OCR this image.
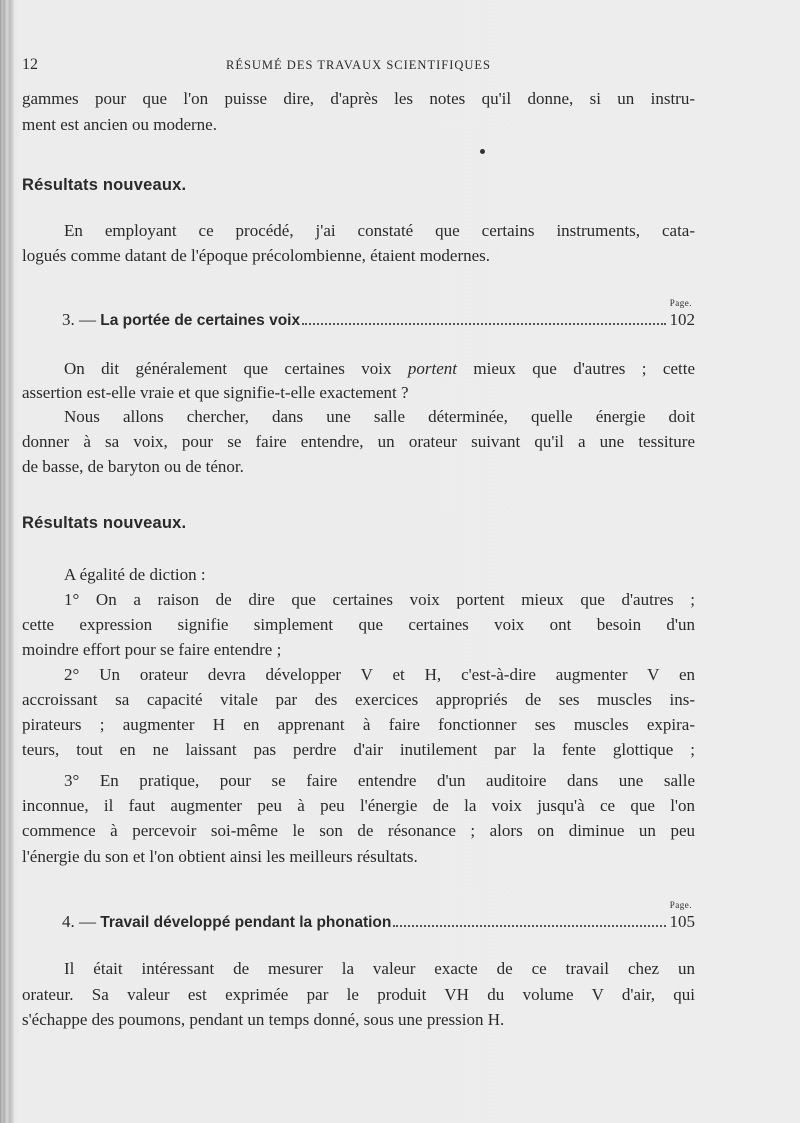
12	RÉSUMÉ DES TRAVAUX SCIENTIFIQUES
gammes pour que l'on puisse dire, d'après les notes qu'il donne, si un instru-
ment est ancien ou moderne.
Résultats nouveaux.
En employant ce procédé, j'ai constaté que certains instruments, cata-
logués comme datant de l'époque précolombienne, étaient modernes.
Page.
3. — La portée de certaines voix	102
On dit généralement que certaines voix portent mieux que d'autres ; cette
assertion est-elle vraie et que signifie-t-elle exactement ?
Nous allons chercher, dans une salle déterminée, quelle énergie doit
donner à sa voix, pour se faire entendre, un orateur suivant qu'il a une tessiture
de basse, de baryton ou de ténor.
Résultats nouveaux.
A égalité de diction :
1° On a raison de dire que certaines voix portent mieux que d'autres ;
cette expression signifie simplement que certaines voix ont besoin d'un
moindre effort pour se faire entendre ;
2° Un orateur devra développer V et H, c'est-à-dire augmenter V en
accroissant sa capacité vitale par des exercices appropriés de ses muscles ins-
pirateurs ; augmenter H en apprenant à faire fonctionner ses muscles expira-
teurs, tout en ne laissant pas perdre d'air inutilement par la fente glottique ;
3° En pratique, pour se faire entendre d'un auditoire dans une salle
inconnue, il faut augmenter peu à peu l'énergie de la voix jusqu'à ce que l'on
commence à percevoir soi-même le son de résonance ; alors on diminue un peu
l'énergie du son et l'on obtient ainsi les meilleurs résultats.
Page.
4. — Travail développé pendant la phonation	105
Il était intéressant de mesurer la valeur exacte de ce travail chez un
orateur. Sa valeur est exprimée par le produit VH du volume V d'air, qui
s'échappe des poumons, pendant un temps donné, sous une pression H.
